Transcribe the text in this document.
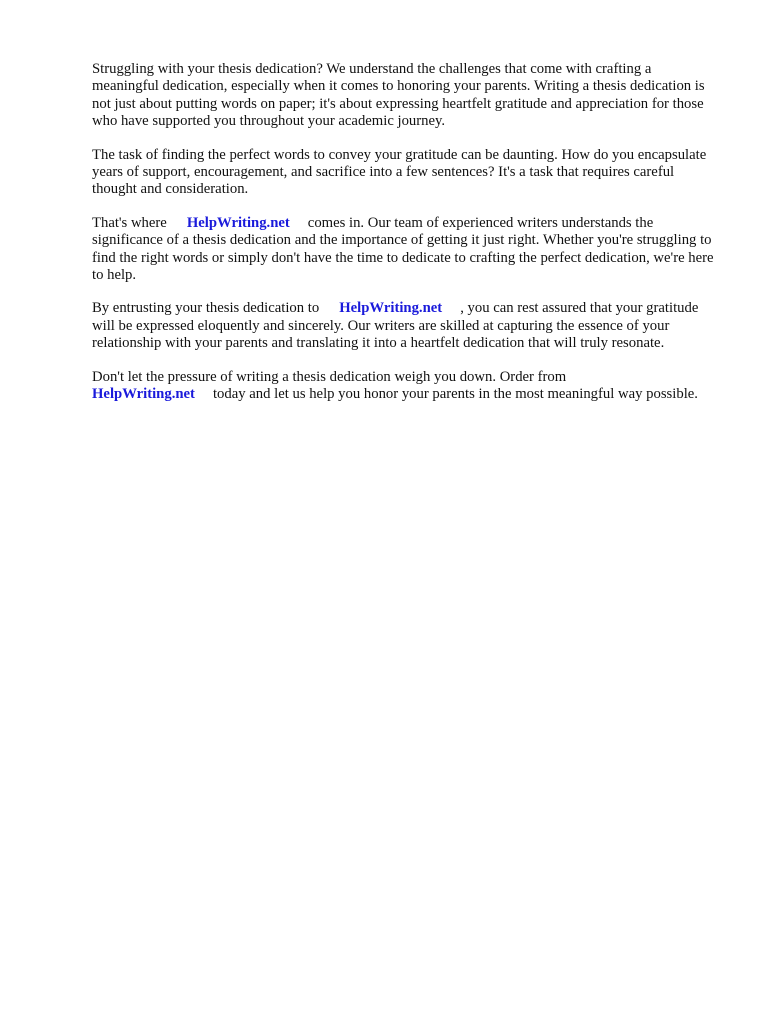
Struggling with your thesis dedication? We understand the challenges that come with crafting a meaningful dedication, especially when it comes to honoring your parents. Writing a thesis dedication is not just about putting words on paper; it's about expressing heartfelt gratitude and appreciation for those who have supported you throughout your academic journey.

The task of finding the perfect words to convey your gratitude can be daunting. How do you encapsulate years of support, encouragement, and sacrifice into a few sentences? It's a task that requires careful thought and consideration.

That's where HelpWriting.net comes in. Our team of experienced writers understands the significance of a thesis dedication and the importance of getting it just right. Whether you're struggling to find the right words or simply don't have the time to dedicate to crafting the perfect dedication, we're here to help.

By entrusting your thesis dedication to HelpWriting.net , you can rest assured that your gratitude will be expressed eloquently and sincerely. Our writers are skilled at capturing the essence of your relationship with your parents and translating it into a heartfelt dedication that will truly resonate.

Don't let the pressure of writing a thesis dedication weigh you down. Order from HelpWriting.net today and let us help you honor your parents in the most meaningful way possible.
